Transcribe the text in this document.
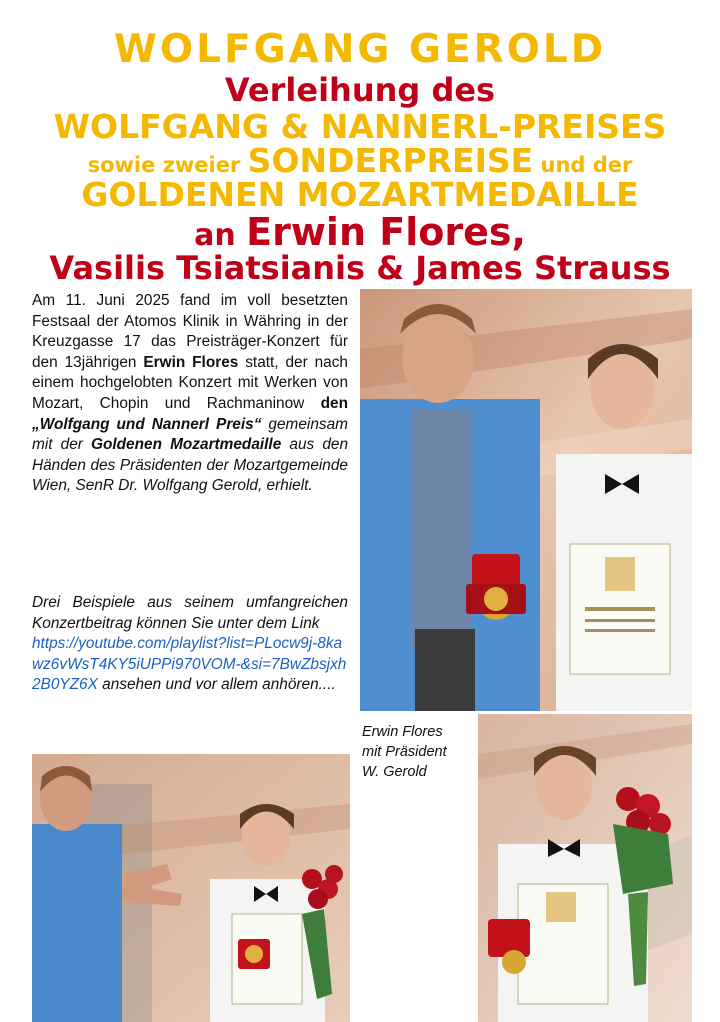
WOLFGANG GEROLD
Verleihung des
WOLFGANG & NANNERL-PREISES
sowie zweier SONDERPREISE und der
GOLDENEN MOZARTMEDAILLE
an Erwin Flores,
Vasilis Tsiatsianis & James Strauss
Am 11. Juni 2025 fand im voll besetzten Festsaal der Atomos Klinik in Währing in der Kreuzgasse 17 das Preisträger-Konzert für den 13jährigen Erwin Flores statt, der nach einem hochgelobten Konzert mit Werken von Mozart, Chopin und Rachmaninow den „Wolfgang und Nannerl Preis“ gemeinsam mit der Goldenen Mozartmedaille aus den Händen des Präsidenten der Mozartgemeinde Wien, SenR Dr. Wolfgang Gerold, erhielt.
Drei Beispiele aus seinem umfangreichen Konzertbeitrag können Sie unter dem Link
https://youtube.com/playlist?list=PLocw9j-8kawz6vWsT4KY5iUPPi970VOM-&si=7BwZbsjxh2B0YZ6X ansehen und vor allem anhören....
Erwin Flores
mit Präsident
W. Gerold
